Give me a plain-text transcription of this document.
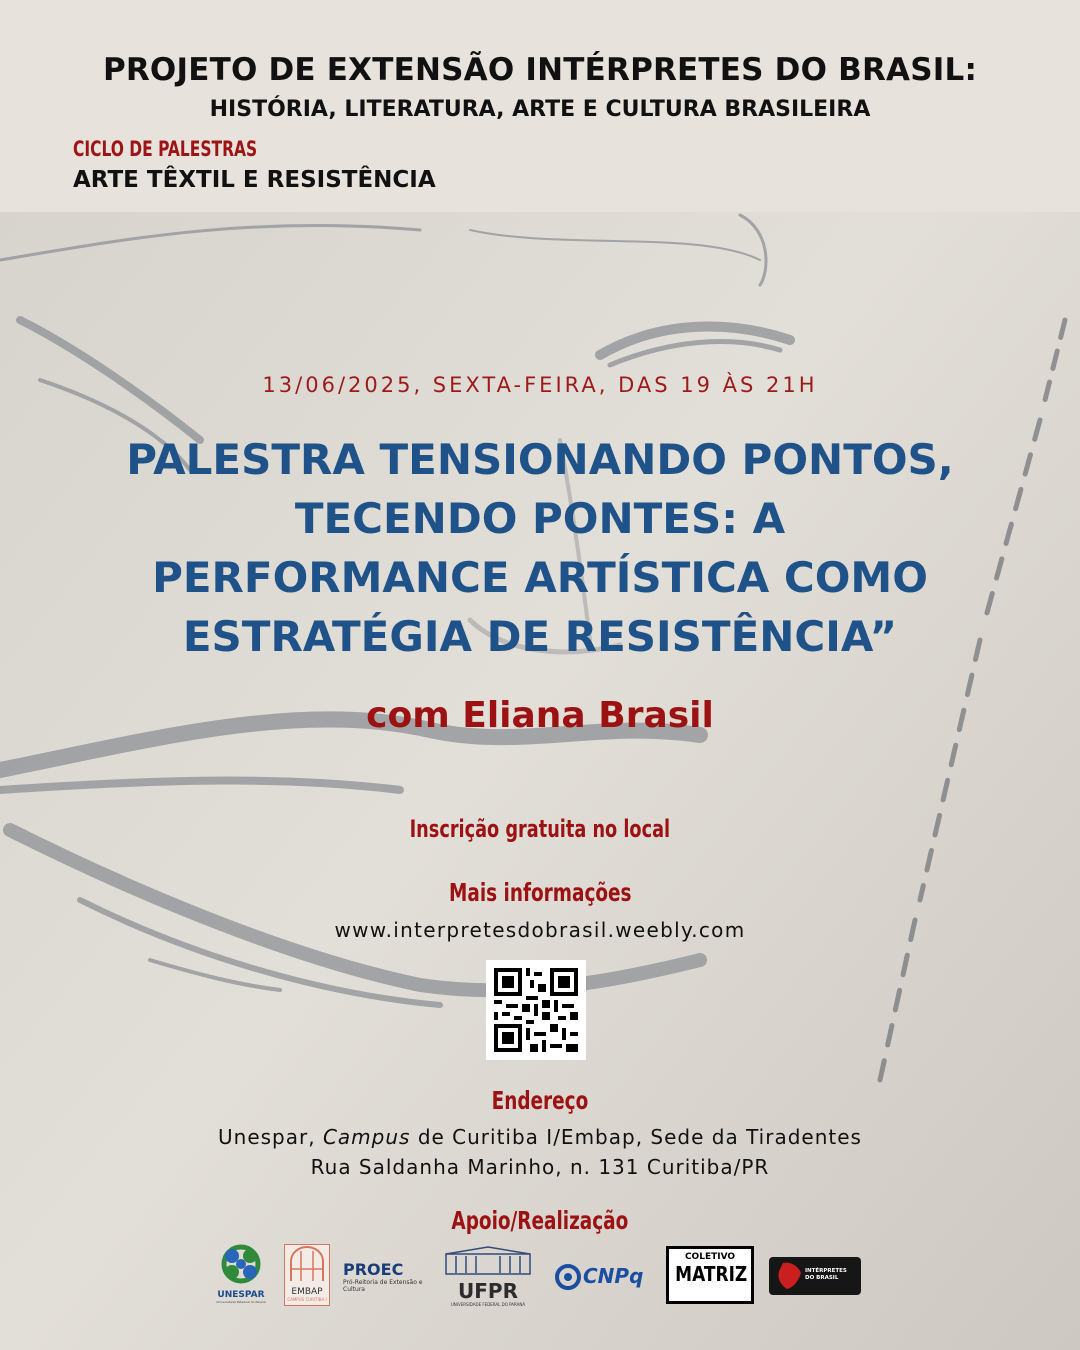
PROJETO DE EXTENSÃO INTÉRPRETES DO BRASIL:
HISTÓRIA, LITERATURA, ARTE E CULTURA BRASILEIRA
CICLO DE PALESTRAS
ARTE TÊXTIL E RESISTÊNCIA
13/06/2025, SEXTA-FEIRA, DAS 19 ÀS 21H
PALESTRA TENSIONANDO PONTOS,
TECENDO PONTES: A
PERFORMANCE ARTÍSTICA COMO
ESTRATÉGIA DE RESISTÊNCIA”
com Eliana Brasil
Inscrição gratuita no local
Mais informações
www.interpretesdobrasil.weebly.com
Endereço
Unespar, Campus de Curitiba I/Embap, Sede da Tiradentes
Rua Saldanha Marinho, n. 131 Curitiba/PR
Apoio/Realização
UNESPAR
Universidade Estadual do Paraná
EMBAP
CAMPUS CURITIBA I
PROEC
Pró-Reitoria de Extensão e Cultura	UFPR
UNIVERSIDADE FEDERAL DO PARANÁ
CNPq
COLETIVO
MATRIZ	INTÉRPRETES DO BRASIL
